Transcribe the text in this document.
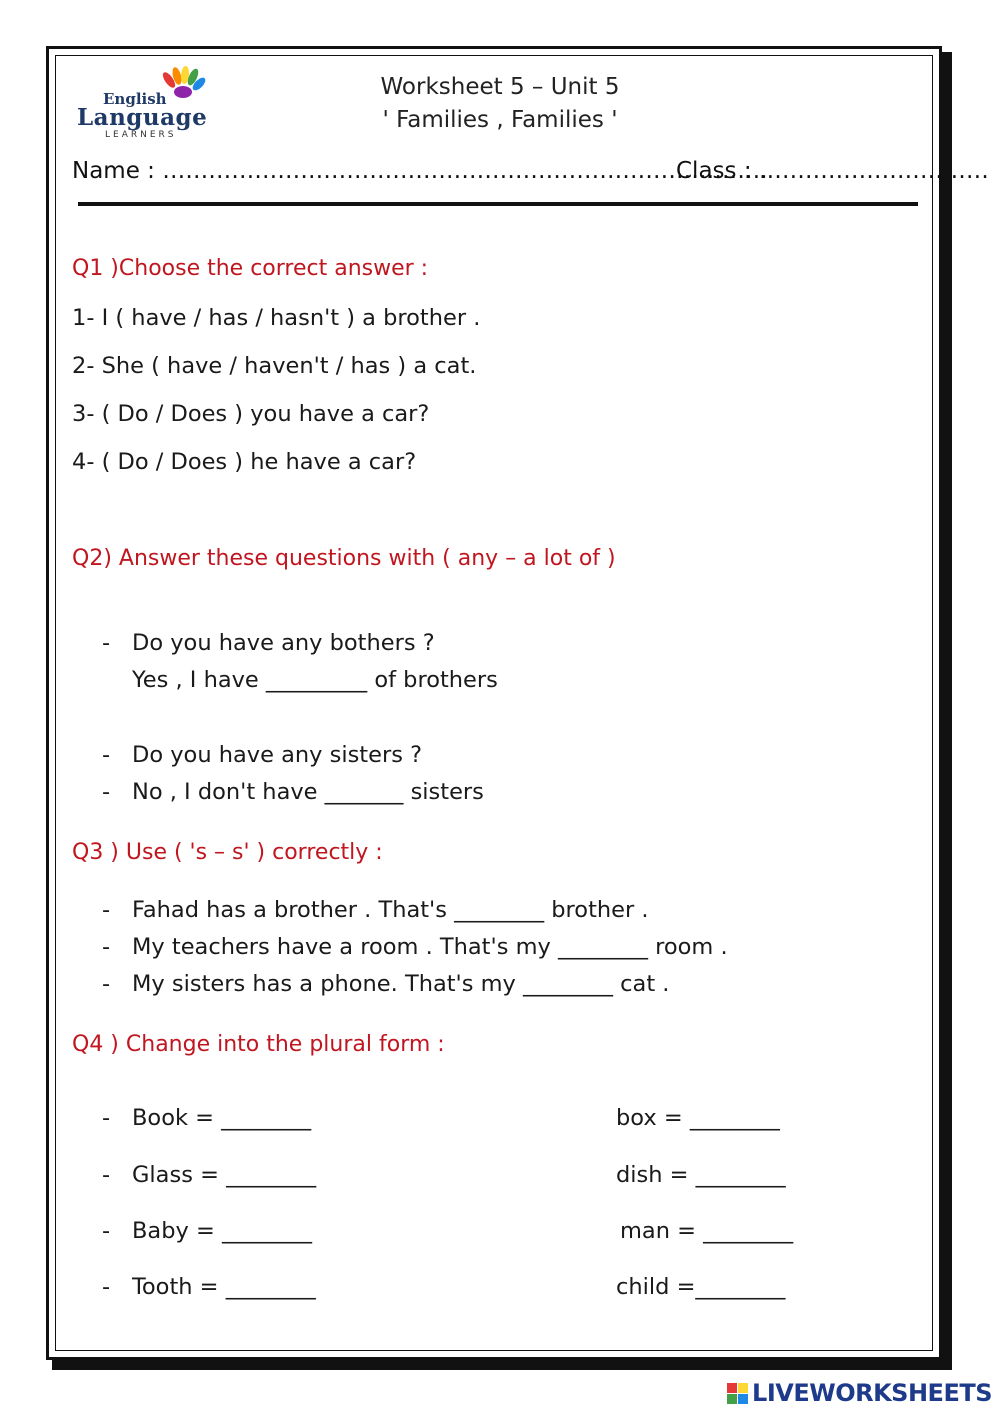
English
Language
LEARNERS
Worksheet 5 – Unit 5
' Families , Families '
Name : …………………………………………………………………….
Class : …………………………
Q1 )Choose the correct answer :
1- I ( have / has / hasn't ) a brother .
2- She ( have / haven't / has ) a cat.
3- ( Do / Does ) you have a car?
4- ( Do / Does ) he have a car?
Q2) Answer these questions with ( any – a lot of )
- Do you have any bothers ?
Yes , I have _________ of brothers
- Do you have any sisters ?
- No , I don't have _______ sisters
Q3 ) Use ( 's – s' ) correctly :
- Fahad has a brother . That's ________ brother .
- My teachers have a room . That's my ________ room .
- My sisters has a phone. That's my ________ cat .
Q4 ) Change into the plural form :
- Book = ________	box = ________
- Glass = ________	dish = ________
- Baby = ________	man = ________
- Tooth = ________	child =________
LIVEWORKSHEETS
